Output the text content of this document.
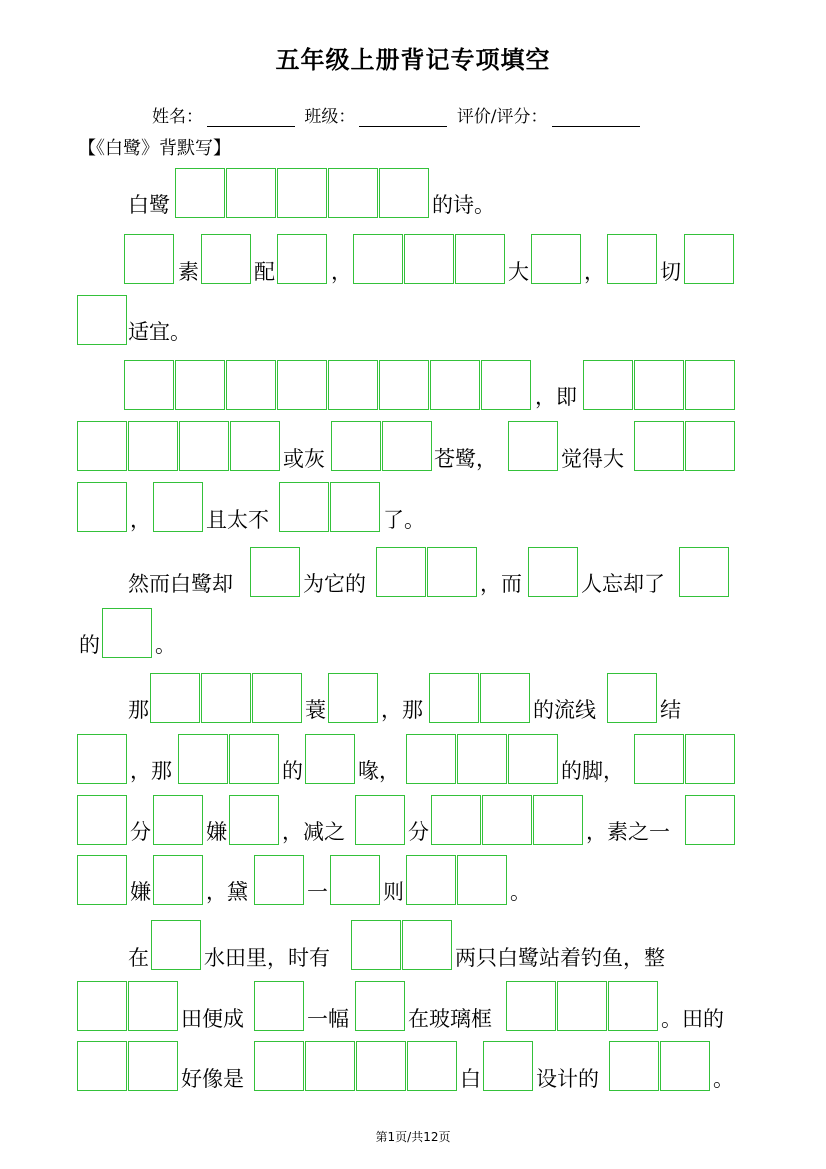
五年级上册背记专项填空
姓名：	班级：	评价/评分：
【《白鹭》背默写】
白鹭	的诗。
素	配	，	大	，	切
适宜。
，即
或灰	苍鹭，	觉得大
，	且太不	了。
然而白鹭却	为它的	，而	人忘却了
的	。
那	蓑	，那	的流线	结
，那	的	喙，	的脚，
分	嫌	，减之	分	，素之一
嫌	，黛	一	则	。
在	水田里，时有	两只白鹭站着钓鱼，整
田便成	一幅	在玻璃框	。田的
好像是	白	设计的	。
第1页/共12页
